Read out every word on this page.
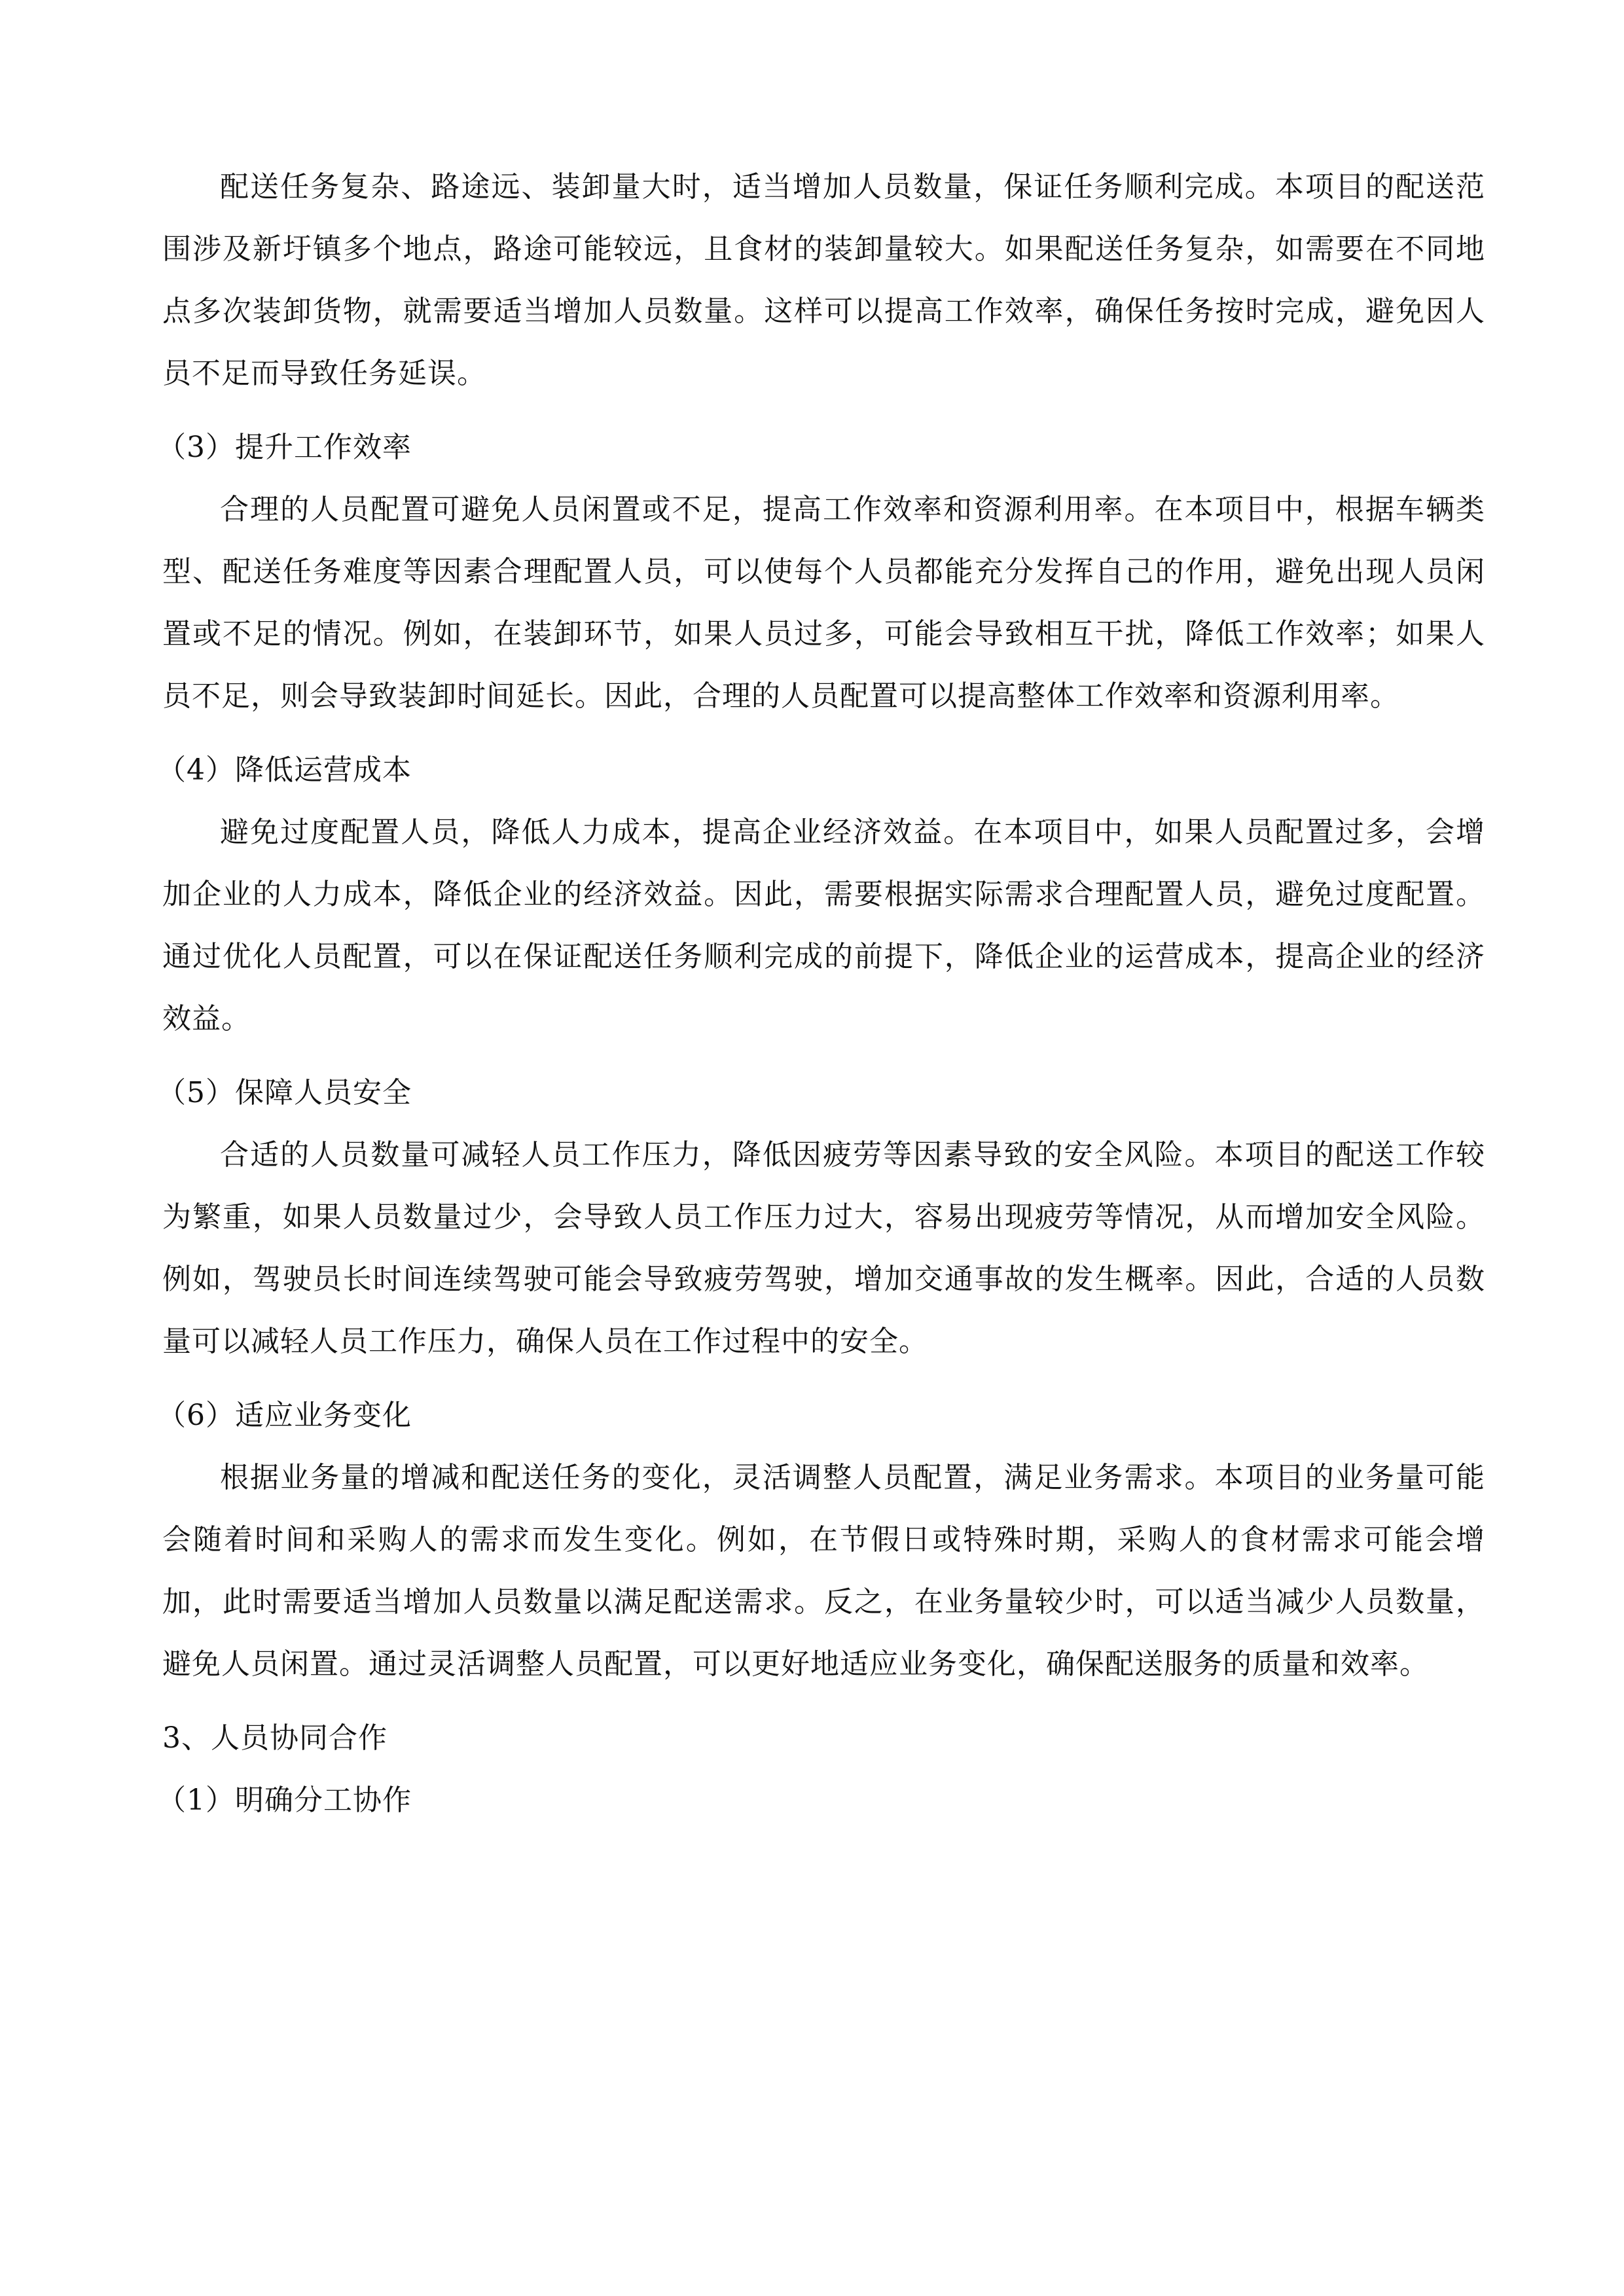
配送任务复杂、路途远、装卸量大时，适当增加人员数量，保证任务顺利完成。本项目的配送范围涉及新圩镇多个地点，路途可能较远，且食材的装卸量较大。如果配送任务复杂，如需要在不同地点多次装卸货物，就需要适当增加人员数量。这样可以提高工作效率，确保任务按时完成，避免因人员不足而导致任务延误。

（3）提升工作效率

合理的人员配置可避免人员闲置或不足，提高工作效率和资源利用率。在本项目中，根据车辆类型、配送任务难度等因素合理配置人员，可以使每个人员都能充分发挥自己的作用，避免出现人员闲置或不足的情况。例如，在装卸环节，如果人员过多，可能会导致相互干扰，降低工作效率；如果人员不足，则会导致装卸时间延长。因此，合理的人员配置可以提高整体工作效率和资源利用率。

（4）降低运营成本

避免过度配置人员，降低人力成本，提高企业经济效益。在本项目中，如果人员配置过多，会增加企业的人力成本，降低企业的经济效益。因此，需要根据实际需求合理配置人员，避免过度配置。通过优化人员配置，可以在保证配送任务顺利完成的前提下，降低企业的运营成本，提高企业的经济效益。

（5）保障人员安全

合适的人员数量可减轻人员工作压力，降低因疲劳等因素导致的安全风险。本项目的配送工作较为繁重，如果人员数量过少，会导致人员工作压力过大，容易出现疲劳等情况，从而增加安全风险。例如，驾驶员长时间连续驾驶可能会导致疲劳驾驶，增加交通事故的发生概率。因此，合适的人员数量可以减轻人员工作压力，确保人员在工作过程中的安全。

（6）适应业务变化

根据业务量的增减和配送任务的变化，灵活调整人员配置，满足业务需求。本项目的业务量可能会随着时间和采购人的需求而发生变化。例如，在节假日或特殊时期，采购人的食材需求可能会增加，此时需要适当增加人员数量以满足配送需求。反之，在业务量较少时，可以适当减少人员数量，避免人员闲置。通过灵活调整人员配置，可以更好地适应业务变化，确保配送服务的质量和效率。

3、人员协同合作

（1）明确分工协作
